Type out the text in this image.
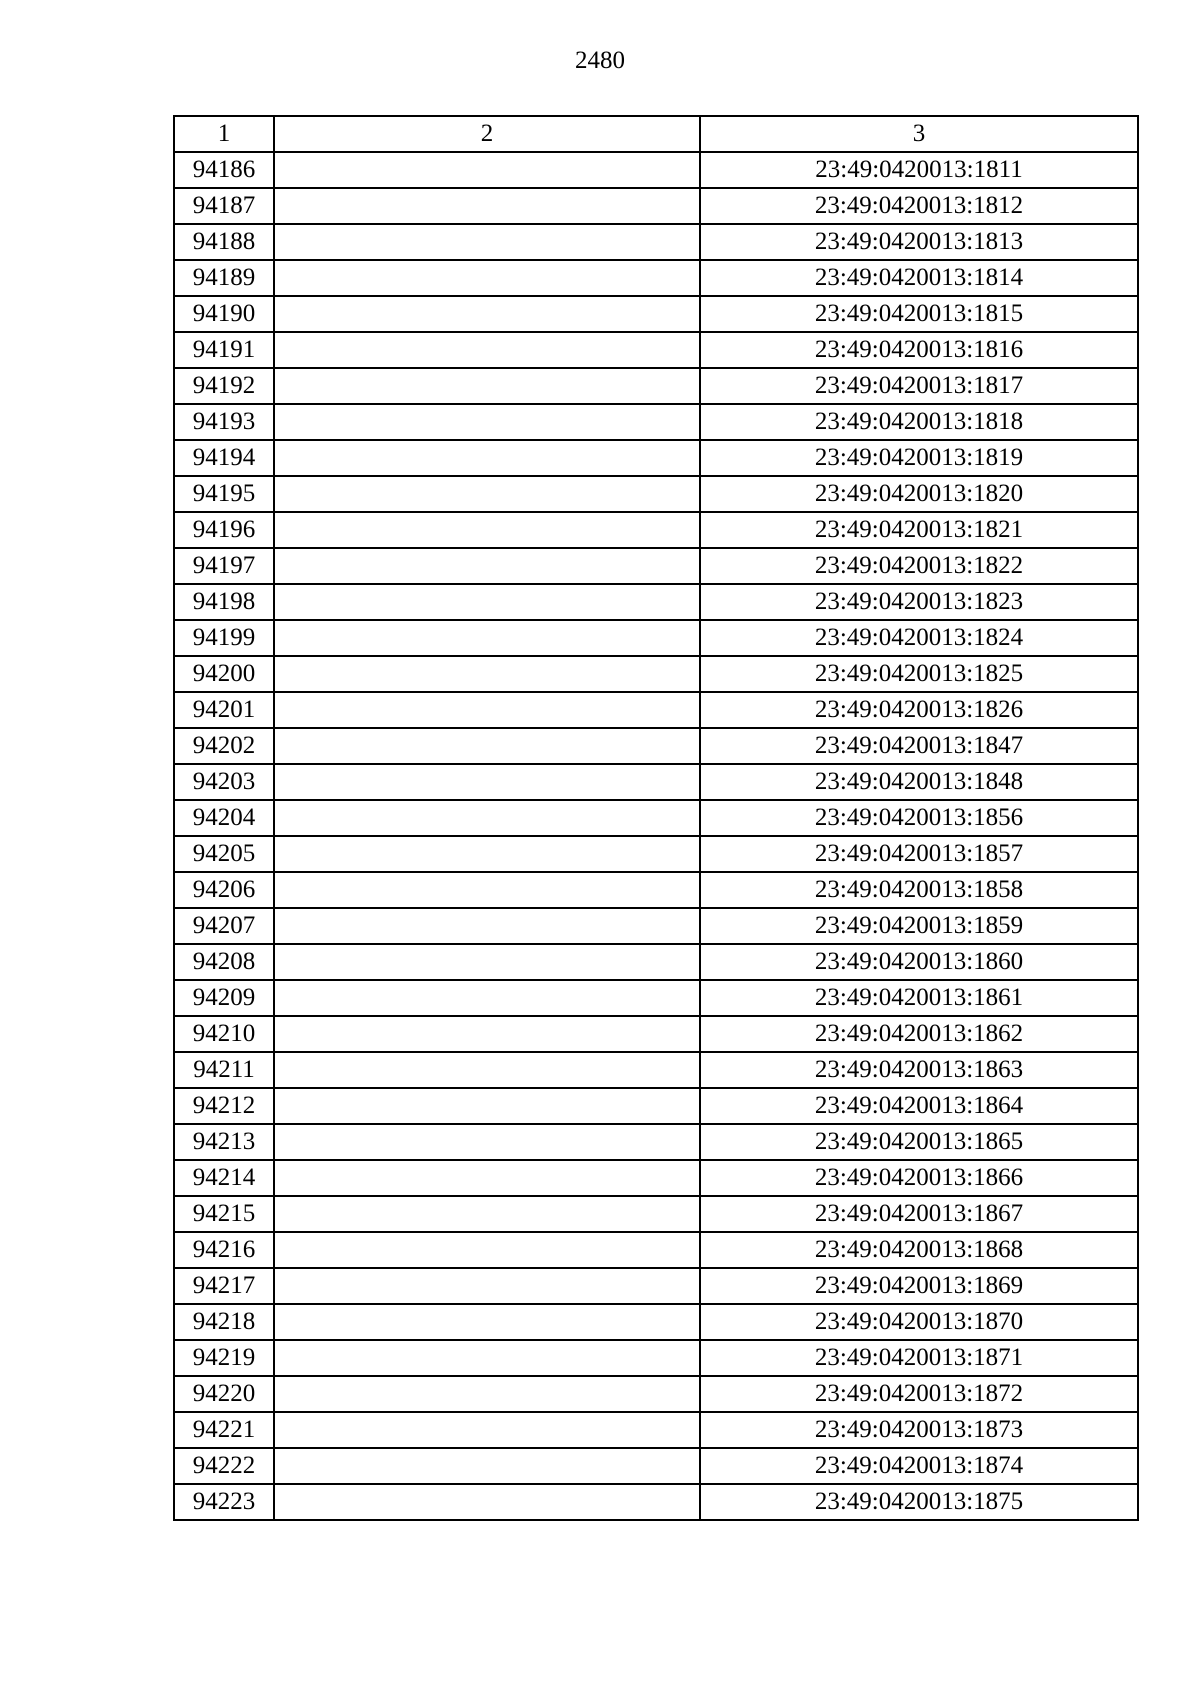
2480
1	2	3
94186		23:49:0420013:1811
94187		23:49:0420013:1812
94188		23:49:0420013:1813
94189		23:49:0420013:1814
94190		23:49:0420013:1815
94191		23:49:0420013:1816
94192		23:49:0420013:1817
94193		23:49:0420013:1818
94194		23:49:0420013:1819
94195		23:49:0420013:1820
94196		23:49:0420013:1821
94197		23:49:0420013:1822
94198		23:49:0420013:1823
94199		23:49:0420013:1824
94200		23:49:0420013:1825
94201		23:49:0420013:1826
94202		23:49:0420013:1847
94203		23:49:0420013:1848
94204		23:49:0420013:1856
94205		23:49:0420013:1857
94206		23:49:0420013:1858
94207		23:49:0420013:1859
94208		23:49:0420013:1860
94209		23:49:0420013:1861
94210		23:49:0420013:1862
94211		23:49:0420013:1863
94212		23:49:0420013:1864
94213		23:49:0420013:1865
94214		23:49:0420013:1866
94215		23:49:0420013:1867
94216		23:49:0420013:1868
94217		23:49:0420013:1869
94218		23:49:0420013:1870
94219		23:49:0420013:1871
94220		23:49:0420013:1872
94221		23:49:0420013:1873
94222		23:49:0420013:1874
94223		23:49:0420013:1875
